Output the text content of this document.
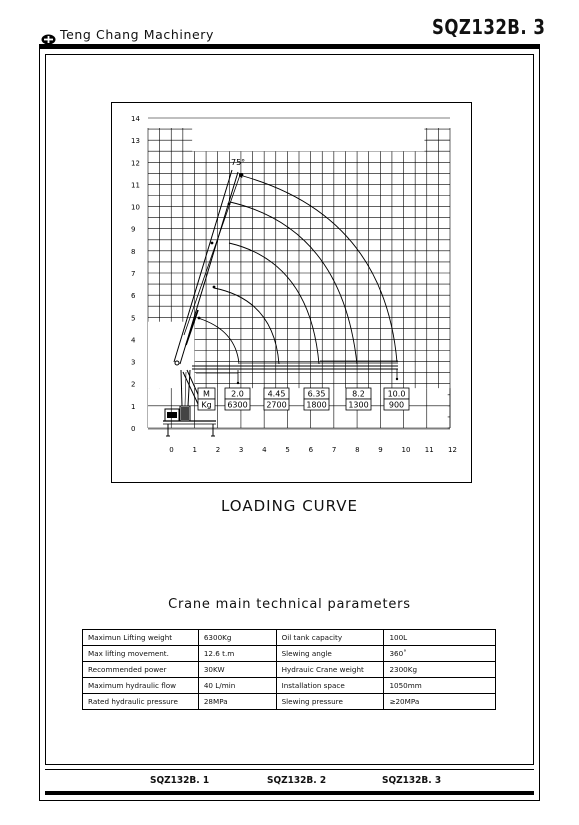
Teng Chang Machinery	SQZ132B. 3
75°
0
1
2
3
4
5
6
7
8
9
10
11
12
13
14
0	1	2	3	4	5	6	7	8	9	10 11 12
M
Kg
2.0
6300
4.45
2700
6.35
1800
8.2
1300
10.0
900
LOADING CURVE
Crane main technical parameters
Maximun Lifting weight	6300Kg	Oil tank capacity	100L
Max lifting movement.	12.6 t.m	Slewing angle	360˚
Recommended power	30KW	Hydrauic Crane weight	2300Kg
Maximum hydraulic flow	40 L/min	Installation space	1050mm
Rated hydraulic pressure	28MPa	Slewing pressure	≥20MPa
SQZ132B. 1	SQZ132B. 2	SQZ132B. 3
